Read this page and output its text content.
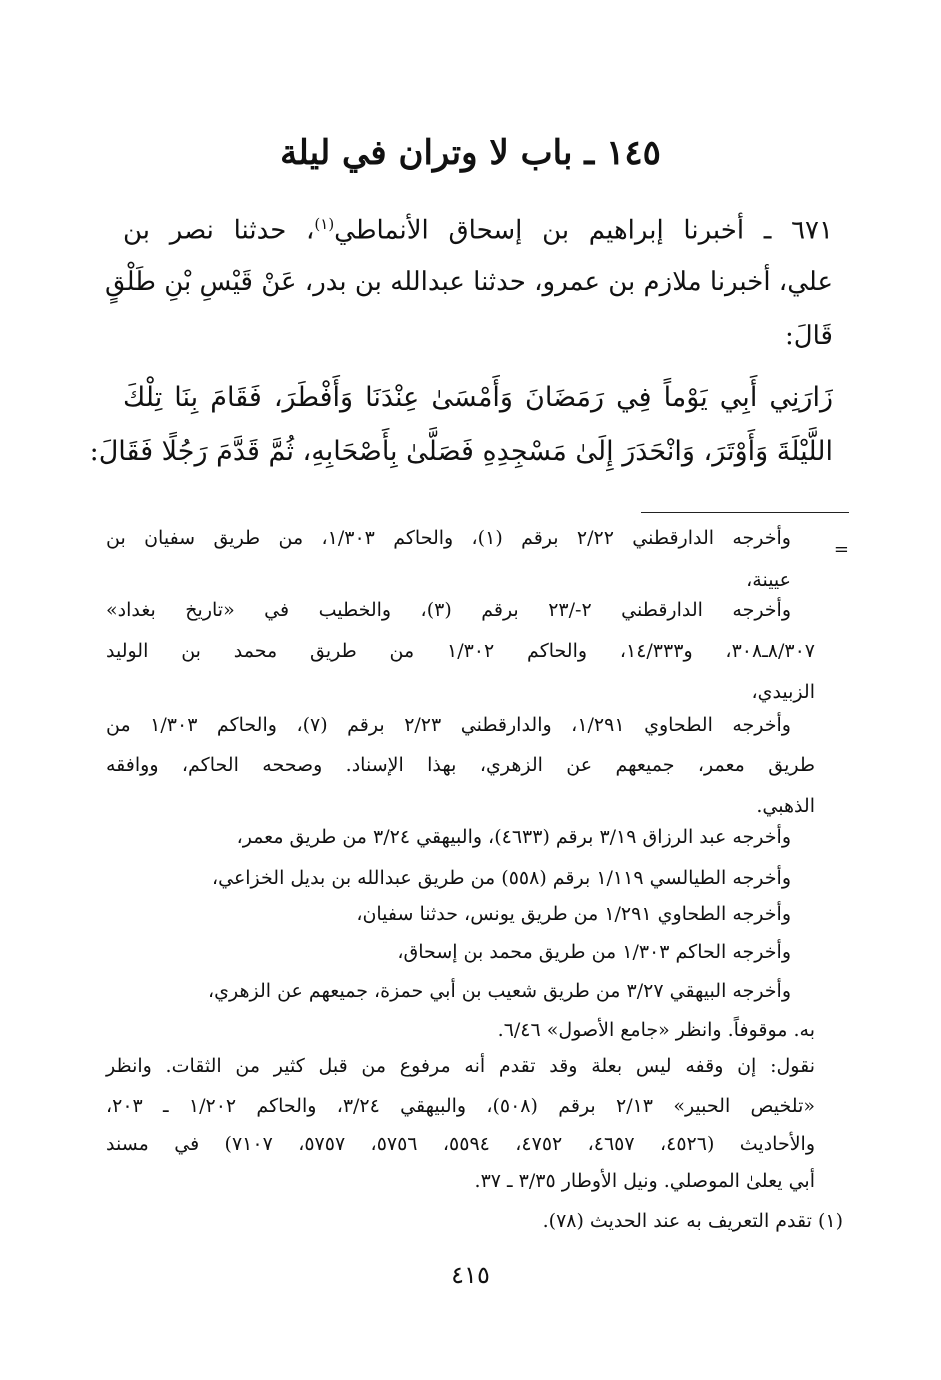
١٤٥ ـ باب لا وتران في ليلة

٦٧١ ـ أخبرنا إبراهيم بن إسحاق الأنماطي$^{(١)}$، حدثنا نصر بن

علي، أخبرنا ملازم بن عمرو، حدثنا عبدالله بن بدر، عَنْ قَيْسِ بْنِ طَلْقٍ

قَالَ:

زَارَنِي أَبِي يَوْماً فِي رَمَضَانَ وَأَمْسَىٰ عِنْدَنَا وَأَفْطَرَ، فَقَامَ بِنَا تِلْكَ

اللَّيْلَةَ وَأَوْتَرَ، وَانْحَدَرَ إِلَىٰ مَسْجِدِهِ فَصَلَّىٰ بِأَصْحَابِهِ، ثُمَّ قَدَّمَ رَجُلًا فَقَالَ:

=

وأخرجه الدارقطني ٢/٢٢ برقم (١)، والحاكم ١/٣٠٣، من طريق سفيان بن

عيينة،

وأخرجه الدارقطني ٢-/٢٣ برقم (٣)، والخطيب في «تاريخ بغداد»

٨/٣٠٧ـ٣٠٨، و١٤/٣٣٣، والحاكم ١/٣٠٢ من طريق محمد بن الوليد

الزبيدي،

وأخرجه الطحاوي ١/٢٩١، والدارقطني ٢/٢٣ برقم (٧)، والحاكم ١/٣٠٣ من

طريق معمر، جميعهم عن الزهري، بهذا الإسناد. وصححه الحاكم، ووافقه

الذهبي.

وأخرجه عبد الرزاق ٣/١٩ برقم (٤٦٣٣)، والبيهقي ٣/٢٤ من طريق معمر،

وأخرجه الطيالسي ١/١١٩ برقم (٥٥٨) من طريق عبدالله بن بديل الخزاعي،

وأخرجه الطحاوي ١/٢٩١ من طريق يونس، حدثنا سفيان،

وأخرجه الحاكم ١/٣٠٣ من طريق محمد بن إسحاق،

وأخرجه البيهقي ٣/٢٧ من طريق شعيب بن أبي حمزة، جميعهم عن الزهري،

به. موقوفاً. وانظر «جامع الأصول» ٦/٤٦.

نقول: إن وقفه ليس بعلة وقد تقدم أنه مرفوع من قبل كثير من الثقات. وانظر

«تلخيص الحبير» ٢/١٣ برقم (٥٠٨)، والبيهقي ٣/٢٤، والحاكم ١/٢٠٢ ـ ٢٠٣،

والأحاديث (٤٥٢٦، ٤٦٥٧، ٤٧٥٢، ٥٥٩٤، ٥٧٥٦، ٥٧٥٧، ٧١٠٧) في مسند

أبي يعلىٰ الموصلي. ونيل الأوطار ٣/٣٥ ـ ٣٧.

(١) تقدم التعريف به عند الحديث (٧٨).

٤١٥
